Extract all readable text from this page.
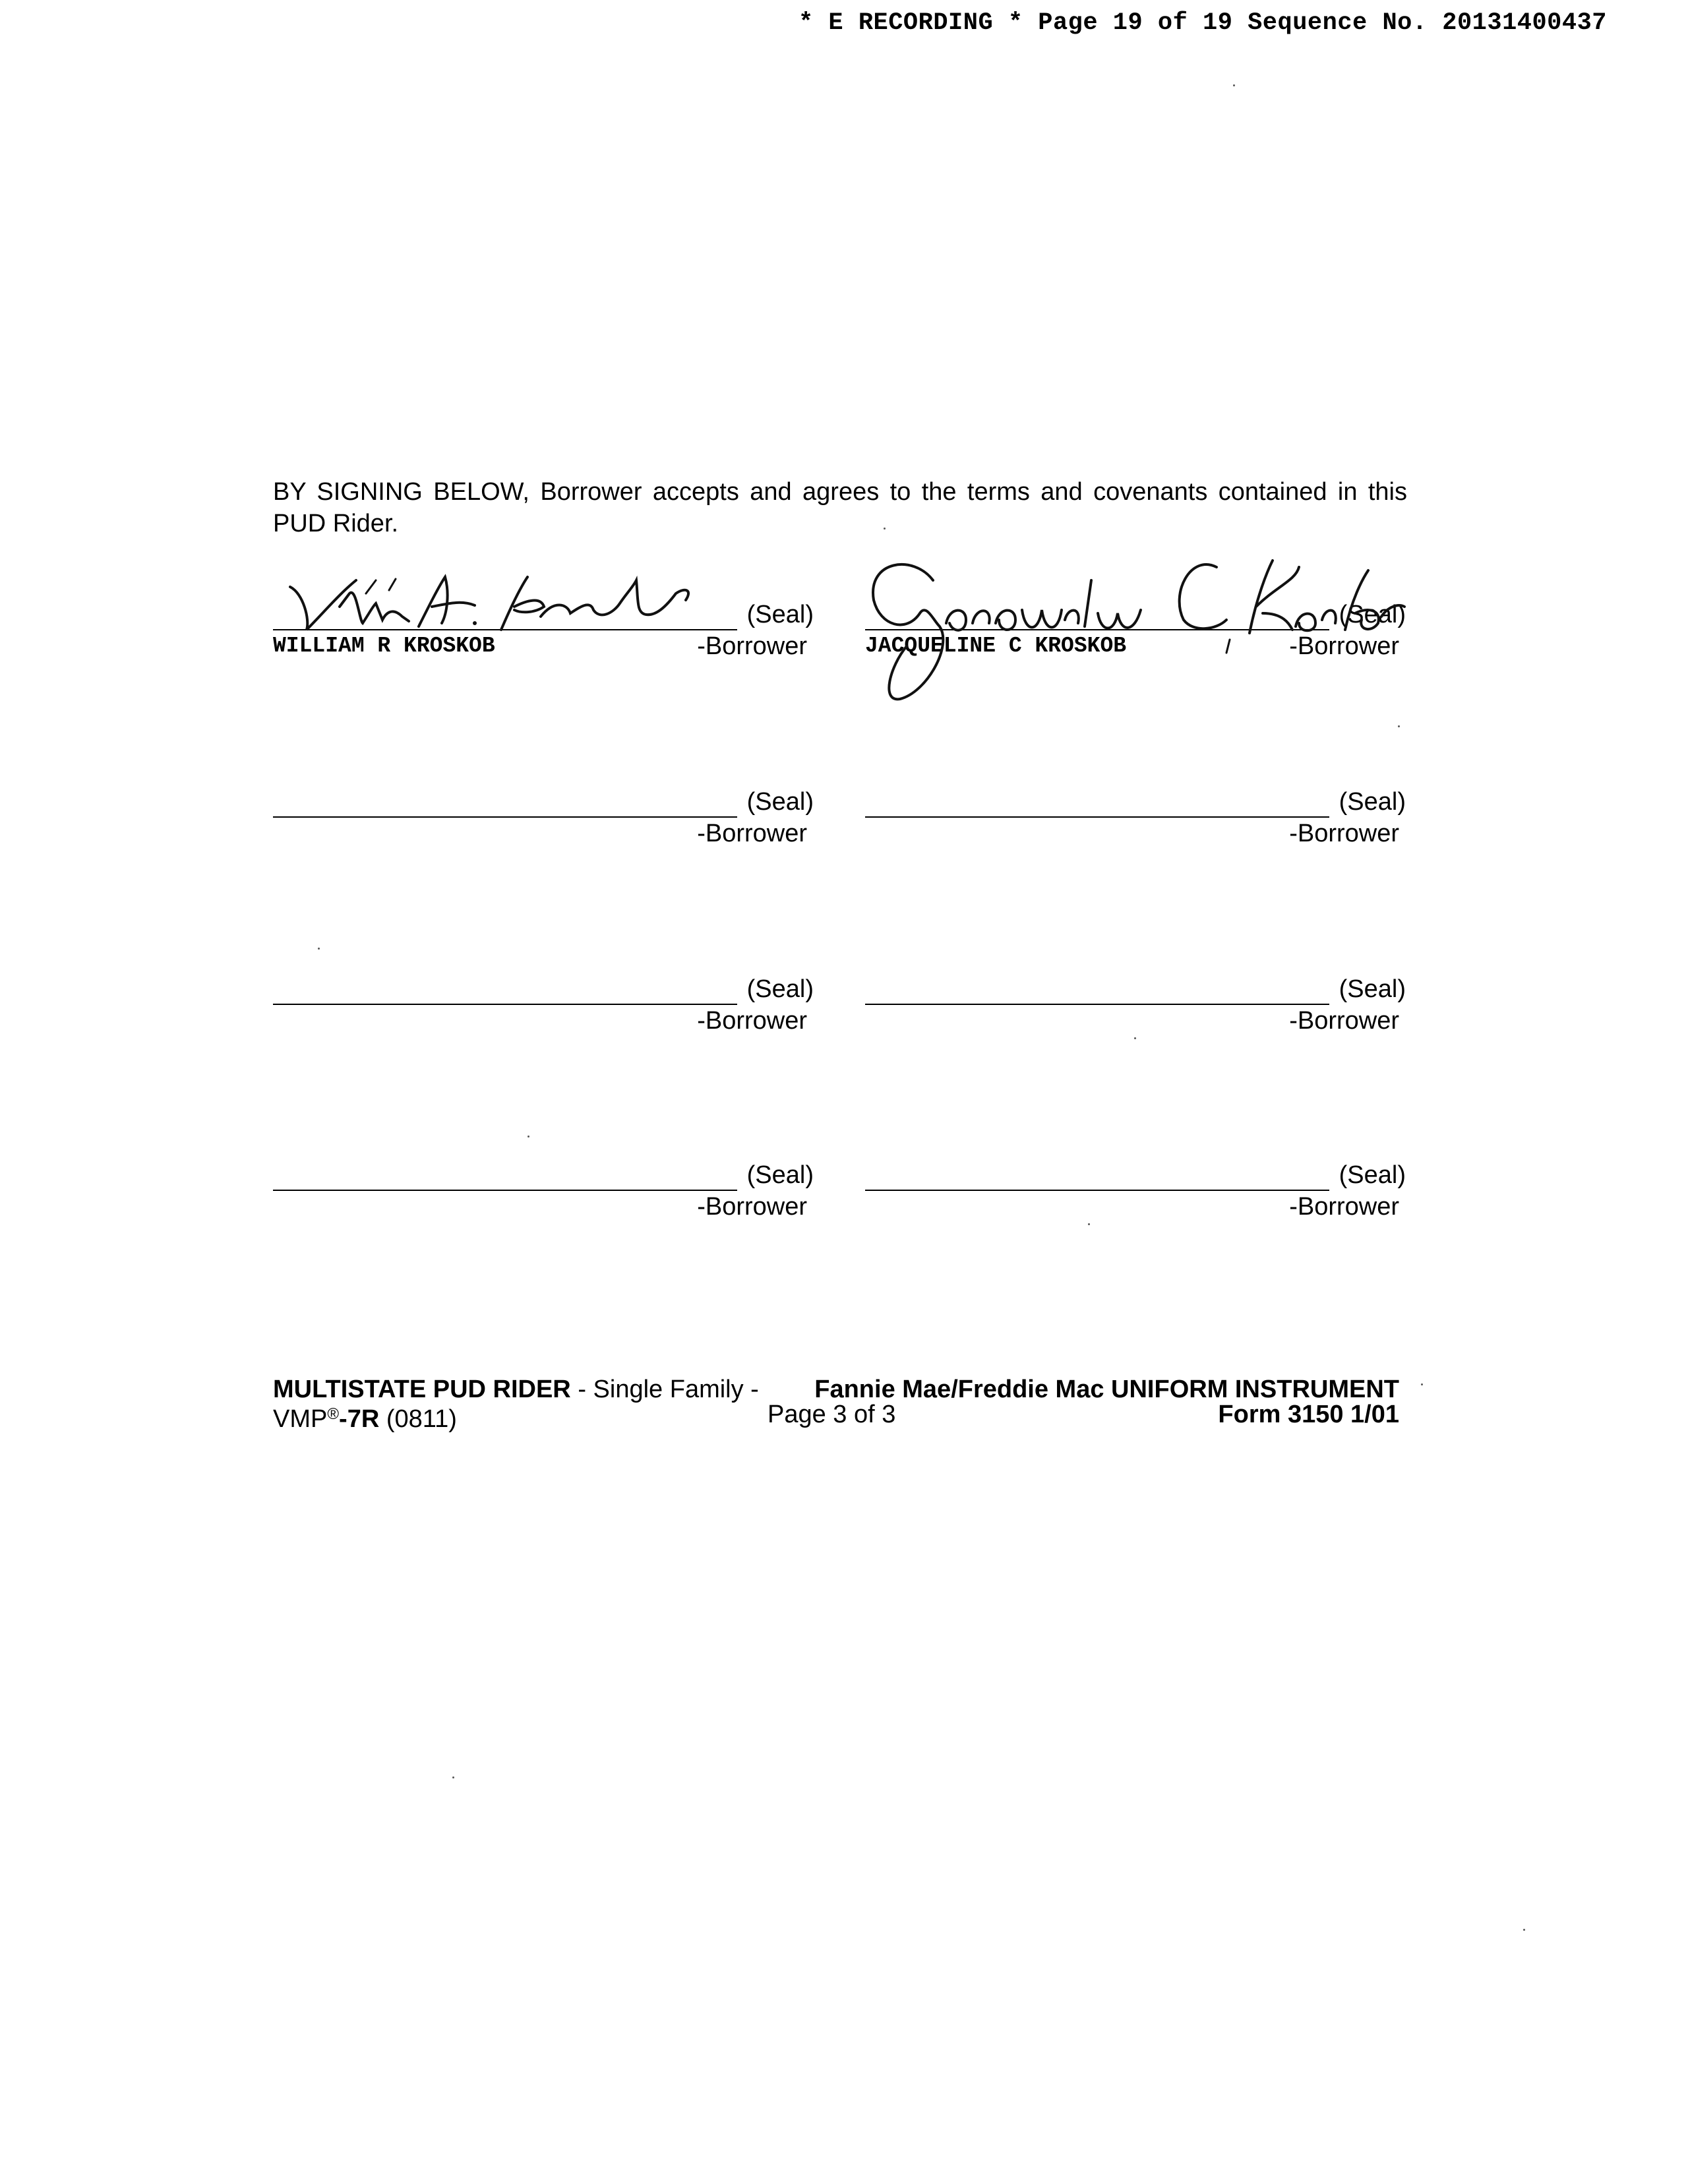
* E RECORDING * Page 19 of 19 Sequence No. 20131400437
BY SIGNING BELOW, Borrower accepts and agrees to the terms and covenants contained in this PUD Rider.
(Seal)
-Borrower
WILLIAM R KROSKOB
(Seal)
-Borrower
JACQUELINE C KROSKOB
(Seal)
-Borrower
(Seal)
-Borrower
(Seal)
-Borrower
(Seal)
-Borrower
(Seal)
-Borrower
(Seal)
-Borrower
MULTISTATE PUD RIDER - Single Family - Fannie Mae/Freddie Mac UNIFORM INSTRUMENT
VMP®-7R (0811)	Page 3 of 3	Form 3150 1/01
